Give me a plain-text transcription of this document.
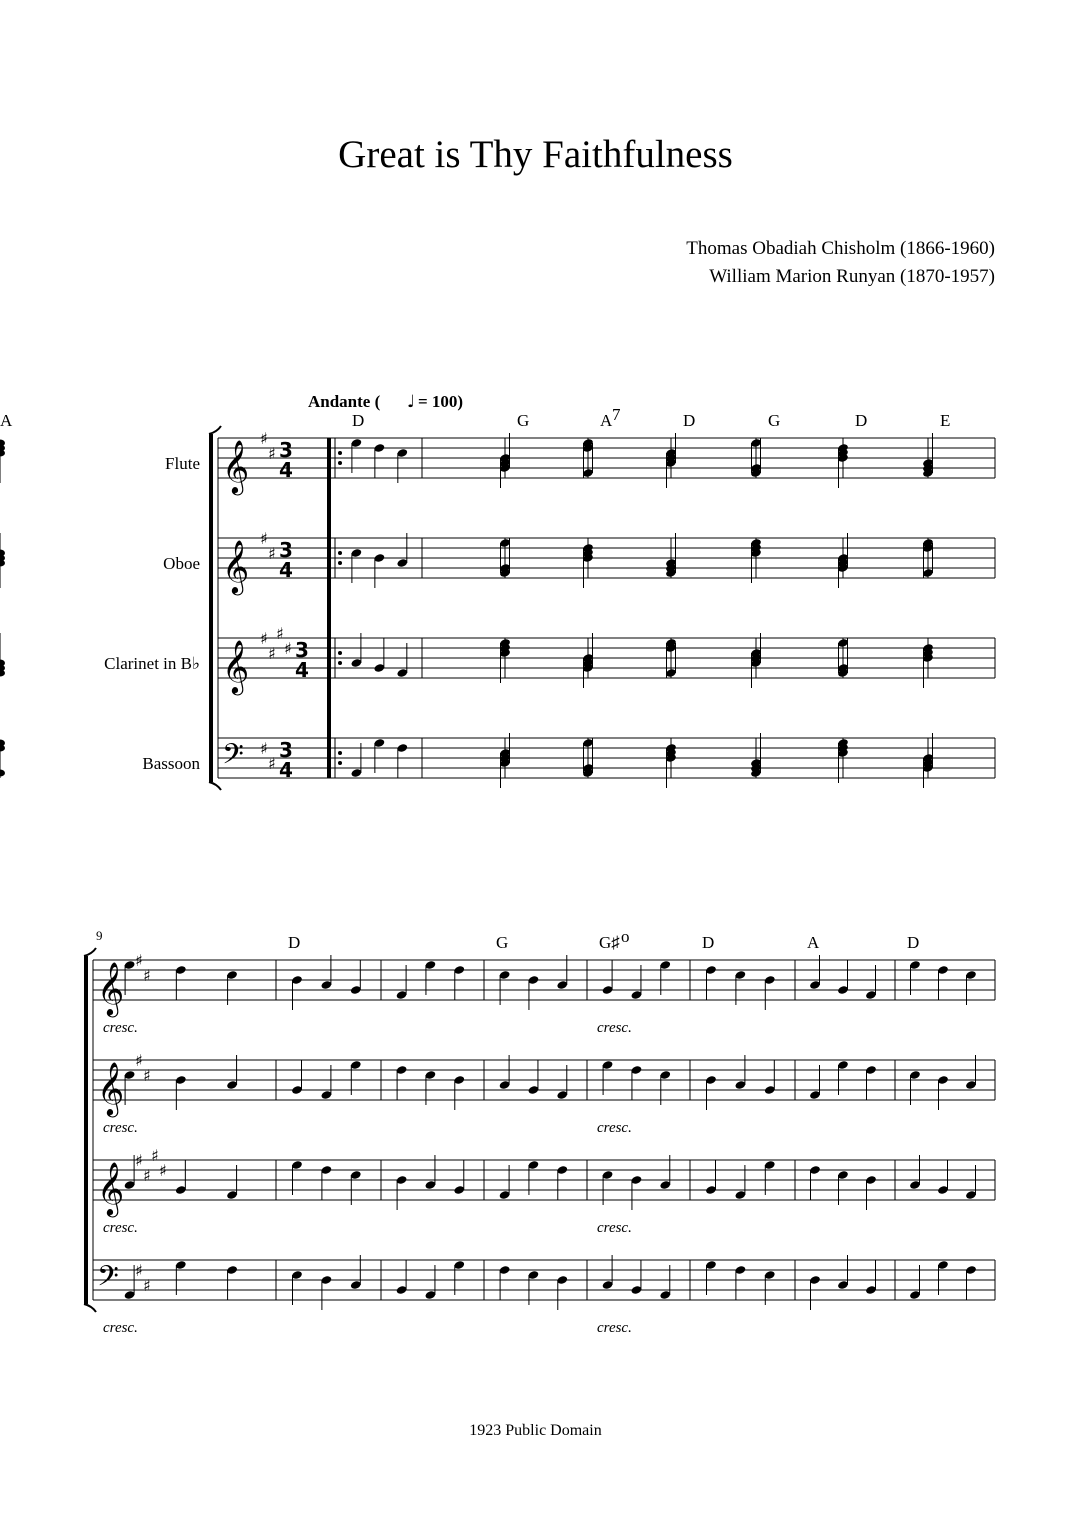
Great is Thy Faithfulness
Thomas Obadiah Chisholm (1866-1960)
William Marion Runyan (1870-1957)
Andante ( ♩ = 100)
𝄞
♯
♯ 3
4
Flute
𝄞
♯
♯ 3
4
Oboe
𝄞
♯
♯
♯
♯ 3
4
Clarinet in B♭
𝄢 ♯
♯
3
4
Bassoon
D	G	A 7	D	G	D	E
A
𝄞
♯
♯
𝄞
♯
♯
𝄞
♯
♯
♯
♯
𝄢 ♯
♯
9	D	G	G♯ o	D	A	D
cresc.
cresc.
cresc.
cresc.
cresc.
cresc.
cresc.
cresc.
1923 Public Domain
